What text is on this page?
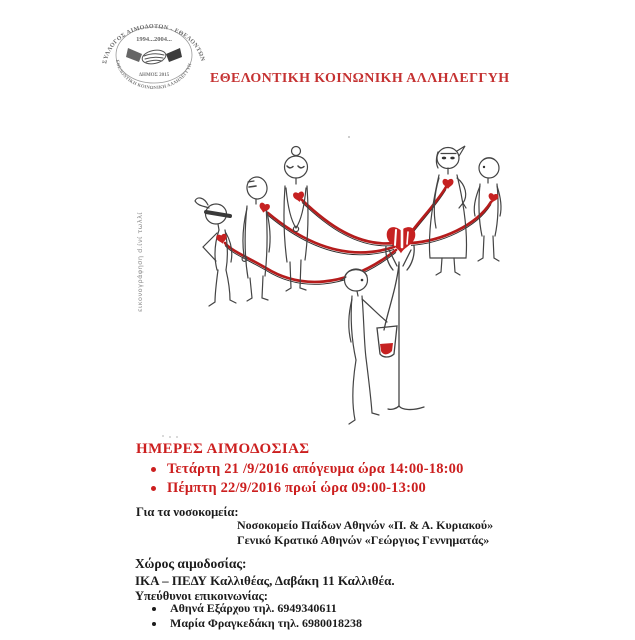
ΣΥΛΛΟΓΟΣ ΑΙΜΟΔΟΤΩΝ - ΕΘΕΛΟΝΤΩΝ
ΕΘΕΛΟΝΤΙΚΗ ΚΟΙΝΩΝΙΚΗ ΑΛΛΗΛΕΓΓΥΗ
1994...2004...
ΔΗΜΟΣ 2015	ΕΘΕΛΟΝΤΙΚΗ ΚΟΙΝΩΝΙΚΗ ΑΛΛΗΛΕΓΓΥΗ
εικονογράφηση d.ίνί τωλλί
ΗΜΕΡΕΣ ΑΙΜΟΔΟΣΙΑΣ
Τετάρτη 21 /9/2016 απόγευμα ώρα 14:00-18:00
Πέμπτη 22/9/2016 πρωί ώρα 09:00-13:00
Για τα νοσοκομεία:
Νοσοκομείο Παίδων Αθηνών «Π. & Α. Κυριακού»
Γενικό Κρατικό Αθηνών «Γεώργιος Γεννηματάς»
Χώρος αιμοδοσίας:
ΙΚΑ – ΠΕΔΥ Καλλιθέας, Δαβάκη 11 Καλλιθέα.
Υπεύθυνοι επικοινωνίας:
Αθηνά Εξάρχου τηλ. 6949340611
Μαρία Φραγκεδάκη τηλ. 6980018238
